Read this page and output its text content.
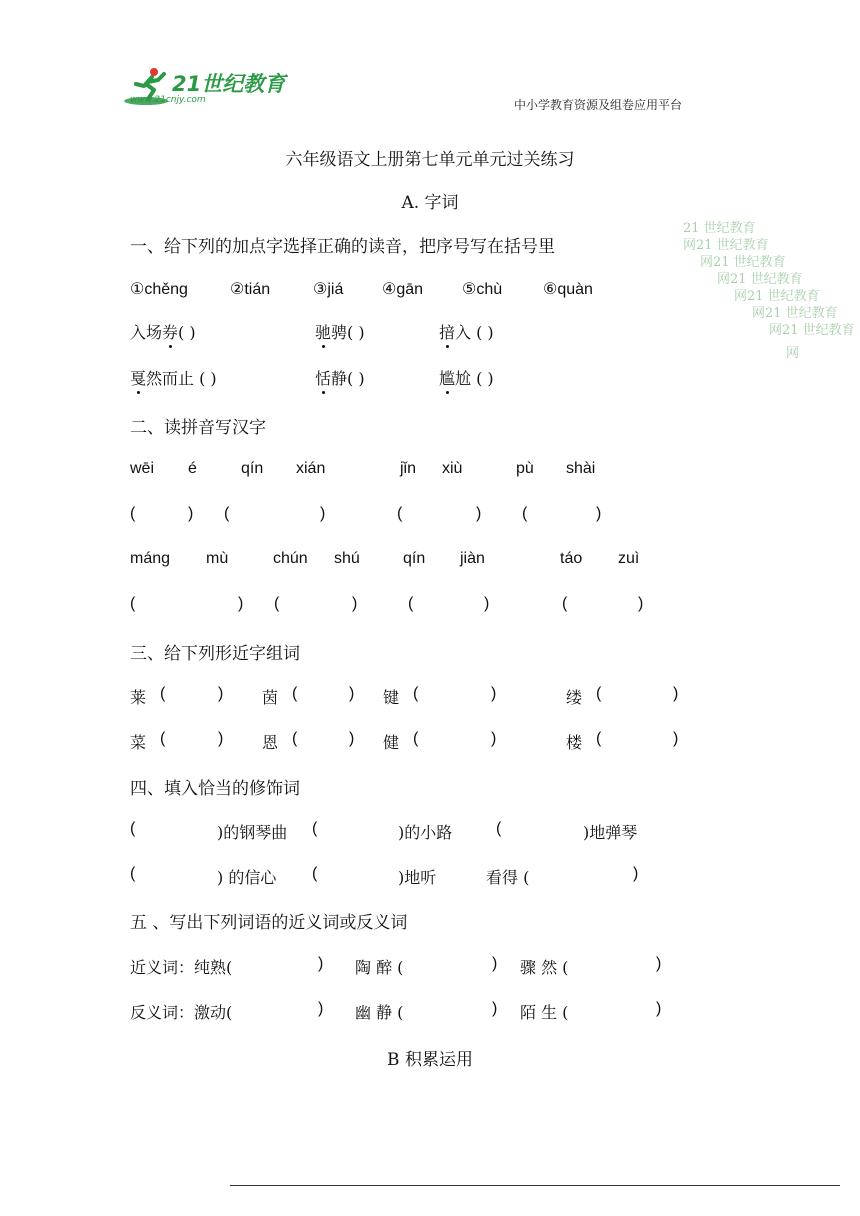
21世纪教育
www.21cnjy.com	中小学教育资源及组卷应用平台
21 世纪教育
网21 世纪教育
网21 世纪教育
网21 世纪教育
网21 世纪教育
网21 世纪教育
网21 世纪教育
网
六年级语文上册第七单元单元过关练习
A. 字词
一、给下列的加点字选择正确的读音，把序号写在括号里
①chěng	②tián	③jiá ④gān ⑤chù	⑥quàn
入场券( )	驰骋( )	揞入 ( )
戛然而止 ( )	恬静( )	尴尬 ( )
二、读拼音写汉字
wēi é	qín xián	jǐn xiù	pù shài
(	) (	)	(	)	(	)
máng mù	chún shú	qín jiàn	táo zuì
(	) (	)	(	)	(	)
三、给下列形近字组词
莱 (	) 茵 (	) 键 (	)	缕 (	)
菜 (	) 恩 (	) 健 (	)	楼 (	)
四、填入恰当的修饰词
(	)的钢琴曲 (	)的小路	(	)地弹琴
(	) 的信心 (	)地听	看得 (	)
五 、写出下列词语的近义词或反义词
近义词：纯熟(	) 陶 醉 (	) 骤 然 (	)
反义词：激动(	) 幽 静 (	) 陌 生 (	)
B 积累运用
